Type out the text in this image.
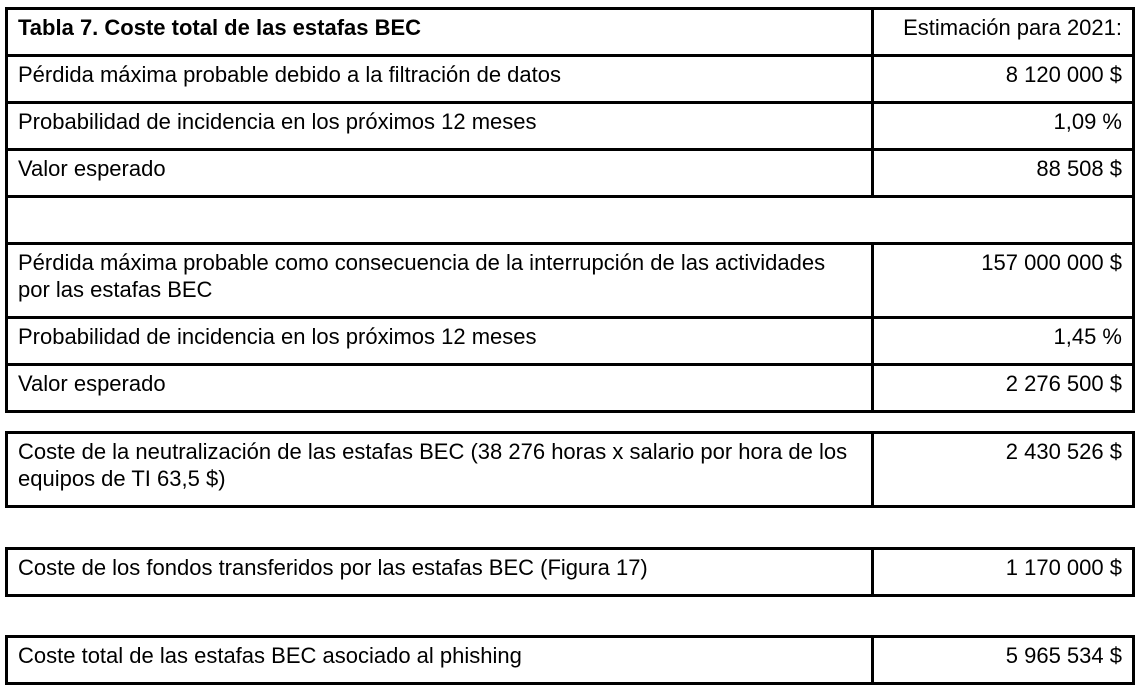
Tabla 7. Coste total de las estafas BEC	Estimación para 2021:
Pérdida máxima probable debido a la filtración de datos	8 120 000 $
Probabilidad de incidencia en los próximos 12 meses	1,09 %
Valor esperado	88 508 $

Pérdida máxima probable como consecuencia de la interrupción de las actividades por las estafas BEC	157 000 000 $
Probabilidad de incidencia en los próximos 12 meses	1,45 %
Valor esperado	2 276 500 $
Coste de la neutralización de las estafas BEC (38 276 horas x salario por hora de los equipos de TI 63,5 $)	2 430 526 $
Coste de los fondos transferidos por las estafas BEC (Figura 17)	1 170 000 $
Coste total de las estafas BEC asociado al phishing	5 965 534 $
